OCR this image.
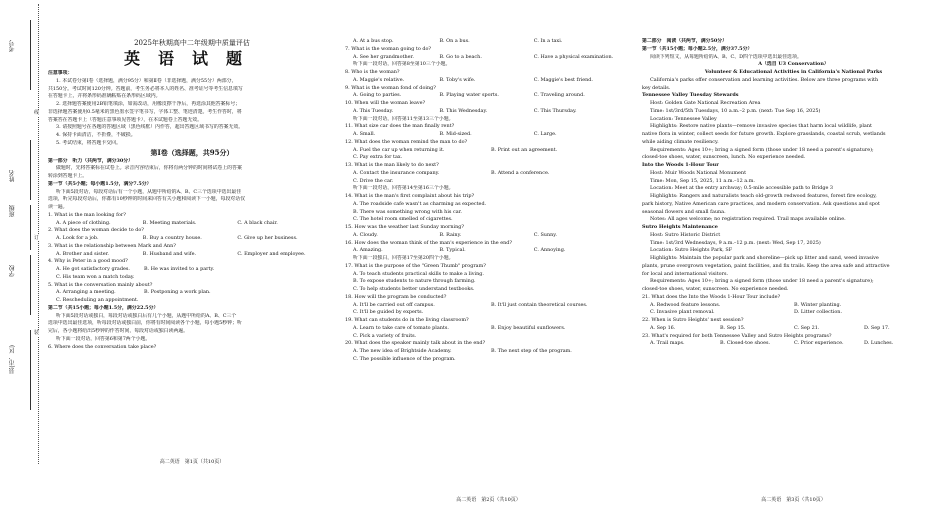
考号
姓名
班级
学校
县(市、区)
线
订
装
2025年秋期高中二年级期中质量评估
英语试题
注意事项：
1. 本试卷分第Ⅰ卷（选择题，满分95分）和第Ⅱ卷（非选择题，满分55分）两部分，
共150分。考试时间120分钟。答题前，考生务必将本人的姓名、准考证号等考生信息填写
在答题卡上，并将条形码准确粘贴在条形码区域内。
2. 选择题答案使用2B铅笔填涂，如需改动，用橡皮擦干净后，再选涂其他答案标号；
非选择题答案使用0.5毫米的黑色墨水签字笔书写，字体工整、笔迹清楚。考生作答时，将
答案答在答题卡上（答题注意事项见答题卡），在本试题卷上答题无效。
3. 请按照题号在各题的答题区域（黑色线框）内作答，超出答题区域书写的答案无效。
4. 保持卡面清洁，不折叠，不破损。
5. 考试结束，将答题卡交回。
第Ⅰ卷（选择题，共95分）
第一部分　听力（共两节，满分30分）
做题时，先将答案标在试卷上。录音内容结束后，你将有两分钟的时间将试卷上的答案
转涂到答题卡上。
第一节（共5小题；每小题1.5分，满分7.5分）
听下面5段对话，每段对话后有一个小题，从题中所给的A、B、C三个选项中选出最佳
选项，听完每段对话后，你都有10秒钟的时间来回答有关小题和阅读下一小题，每段对话仅
读一遍。
1. What is the man looking for?
A. A piece of clothing.	B. Meeting materials.	C. A black chair.
2. What does the woman decide to do?
A. Look for a job.	B. Buy a country house.	C. Give up her business.
3. What is the relationship between Mark and Ann?
A. Brother and sister.	B. Husband and wife.	C. Employer and employee.
4. Why is Peter in a good mood?
A. He got satisfactory grades.	B. He was invited to a party.
C. His team won a match today.
5. What is the conversation mainly about?
A. Arranging a meeting.	B. Postponing a work plan.
C. Rescheduling an appointment.
第二节（共15小题；每小题1.5分，满分22.5分）
听下面5段对话或独白，每段对话或独白后有几个小题，从题中所给的A、B、C三个
选项中选出最佳选项，听每段对话或独白前，你将有时间阅读各个小题，每小题5秒钟；听
完后，各小题将给出5秒钟的作答时间，每段对话或独白读两遍。
听下面一段对话，回答第6和第7两个小题。
6. Where does the conversation take place?
高二英语　第1页（共10页）
A. At a bus stop.	B. On a bus.	C. In a taxi.
7. What is the woman going to do?
A. See her grandmother.	B. Go to a beach.	C. Have a physical examination.
听下面一段对话，回答第8至第10三个小题。
8. Who is the woman?
A. Maggie's relative.	B. Toby's wife.	C. Maggie's best friend.
9. What is the woman fond of doing?
A. Going to parties.	B. Playing water sports.	C. Traveling around.
10. When will the woman leave?
A. This Tuesday.	B. This Wednesday.	C. This Thursday.
听下面一段对话，回答第11至第13三个小题。
11. What size car does the man finally rent?
A. Small.	B. Mid-sized.	C. Large.
12. What does the woman remind the man to do?
A. Fuel the car up when returning it.	B. Print out an agreement.
C. Pay extra for tax.
13. What is the man likely to do next?
A. Contact the insurance company.	B. Attend a conference.
C. Drive the car.
听下面一段对话，回答第14至第16三个小题。
14. What is the man's first complaint about his trip?
A. The roadside cafe wasn't as charming as expected.
B. There was something wrong with his car.
C. The hotel room smelled of cigarettes.
15. How was the weather last Sunday morning?
A. Cloudy.	B. Rainy.	C. Sunny.
16. How does the woman think of the man's experience in the end?
A. Amazing.	B. Typical.	C. Annoying.
听下面一段独白，回答第17至第20四个小题。
17. What is the purpose of the "Green Thumb" program?
A. To teach students practical skills to make a living.
B. To expose students to nature through farming.
C. To help students better understand textbooks.
18. How will the program be conducted?
A. It'll be carried out off campus.	B. It'll just contain theoretical courses.
C. It'll be guided by experts.
19. What can students do in the living classroom?
A. Learn to take care of tomato plants.	B. Enjoy beautiful sunflowers.
C. Pick a variety of fruits.
20. What does the speaker mainly talk about in the end?
A. The new idea of Brightside Academy.	B. The next step of the program.
C. The possible influence of the program.
高二英语　第2页（共10页）
第二部分　阅读（共两节，满分50分）
第一节（共15小题；每小题2.5分，满分37.5分）
阅读下列短文，从每题所给的A、B、C、D四个选项中选出最佳选项。
A（选自 U3 Conservation）
Volunteer & Educational Activities in California's National Parks
California's parks offer conservation and learning activities. Below are three programs with
key details.
Tennessee Valley Tuesday Stewards
Host: Golden Gate National Recreation Area
Time: 1st/3rd/5th Tuesdays, 10 a.m.–2 p.m. (next: Tue Sep 16, 2025)
Location: Tennessee Valley
Highlights: Restore native plants—remove invasive species that harm local wildlife, plant
native flora in winter, collect seeds for future growth. Explore grasslands, coastal scrub, wetlands
while aiding climate resiliency.
Requirements: Ages 10+; bring a signed form (those under 18 need a parent's signature);
closed-toe shoes, water, sunscreen, lunch. No experience needed.
Into the Woods 1-Hour Tour
Host: Muir Woods National Monument
Time: Mon, Sep 15, 2025, 11 a.m.–12 a.m.
Location: Meet at the entry archway; 0.5-mile accessible path to Bridge 3
Highlights: Rangers and naturalists teach old-growth redwood features, forest fire ecology,
park history, Native American care practices, and modern conservation. Ask questions and spot
seasonal flowers and small fauna.
Notes: All ages welcome; no registration required. Trail maps available online.
Sutro Heights Maintenance
Host: Sutro Historic District
Time: 1st/3rd Wednesdays, 9 a.m.–12 p.m. (next: Wed, Sep 17, 2025)
Location: Sutro Heights Park, SF
Highlights: Maintain the popular park and shoreline—pick up litter and sand, weed invasive
plants, prune overgrown vegetation, paint facilities, and fix trails. Keep the area safe and attractive
for local and international visitors.
Requirements: Ages 10+; bring a signed form (those under 18 need a parent's signature);
closed-toe shoes, water, sunscreen. No experience needed.
21. What does the Into the Woods 1-Hour Tour include?
A. Redwood feature lessons.	B. Winter planting.
C. Invasive plant removal.	D. Litter collection.
22. When is Sutro Heights' next session?
A. Sep 16.	B. Sep 15.	C. Sep 21.	D. Sep 17.
23. What's required for both Tennessee Valley and Sutro Heights programs?
A. Trail maps.	B. Closed-toe shoes.	C. Prior experience.	D. Lunches.
高二英语　第3页（共10页）
